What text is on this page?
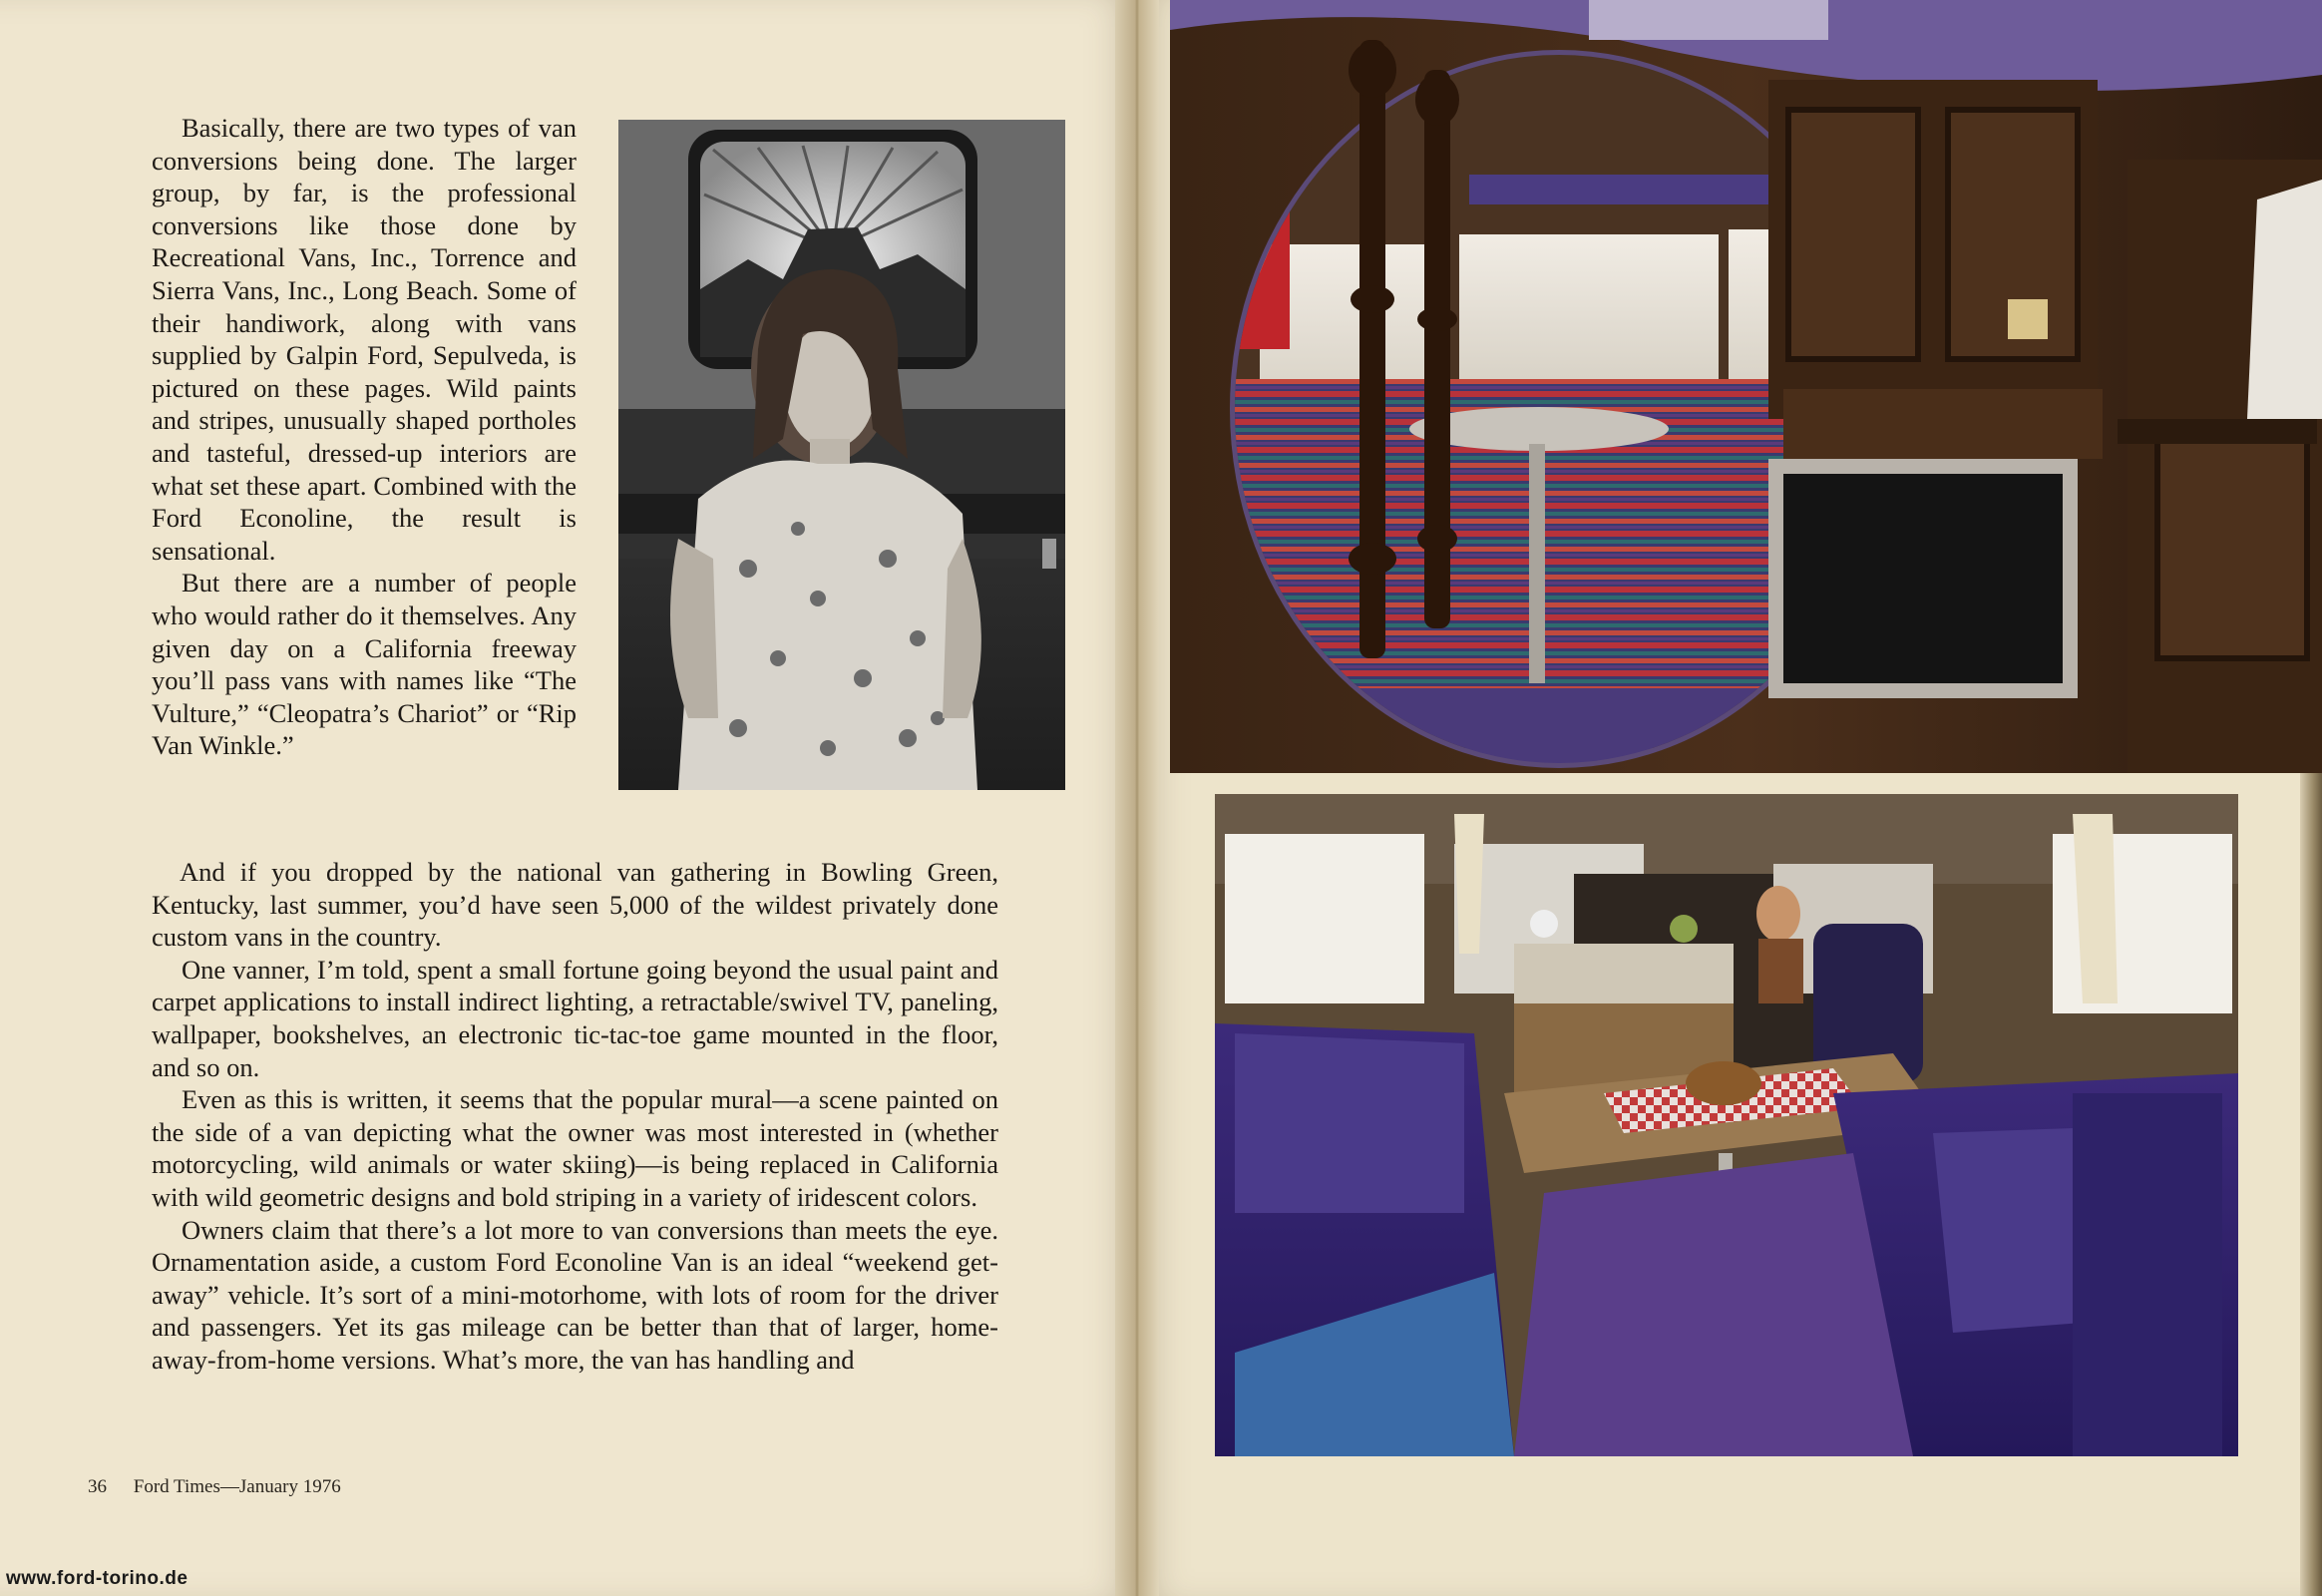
Basically, there are two types of van conversions being done. The larger group, by far, is the professional conversions like those done by Recreational Vans, Inc., Torrence and Sierra Vans, Inc., Long Beach. Some of their handiwork, along with vans supplied by Galpin Ford, Sepulveda, is pictured on these pages. Wild paints and stripes, unusually shaped portholes and tasteful, dressed-up interiors are what set these apart. Combined with the Ford Econoline, the result is sensational.

But there are a number of people who would rather do it themselves. Any given day on a California freeway you’ll pass vans with names like “The Vulture,” “Cleopatra’s Chariot” or “Rip Van Winkle.”

And if you dropped by the national van gathering in Bowling Green, Kentucky, last summer, you’d have seen 5,000 of the wildest privately done custom vans in the country.

One vanner, I’m told, spent a small fortune going beyond the usual paint and carpet applications to install indirect lighting, a retractable/swivel TV, paneling, wallpaper, bookshelves, an electronic tic-tac-toe game mounted in the floor, and so on.

Even as this is written, it seems that the popular mural—a scene painted on the side of a van depicting what the owner was most interested in (whether motorcycling, wild animals or water skiing)—is being replaced in California with wild geometric designs and bold striping in a variety of iridescent colors.

Owners claim that there’s a lot more to van conversions than meets the eye. Ornamentation aside, a custom Ford Econoline Van is an ideal “weekend get-away” vehicle. It’s sort of a mini-motorhome, with lots of room for the driver and passengers. Yet its gas mileage can be better than that of larger, home-away-from-home versions. What’s more, the van has handling and

36 Ford Times—January 1976
www.ford-torino.de
